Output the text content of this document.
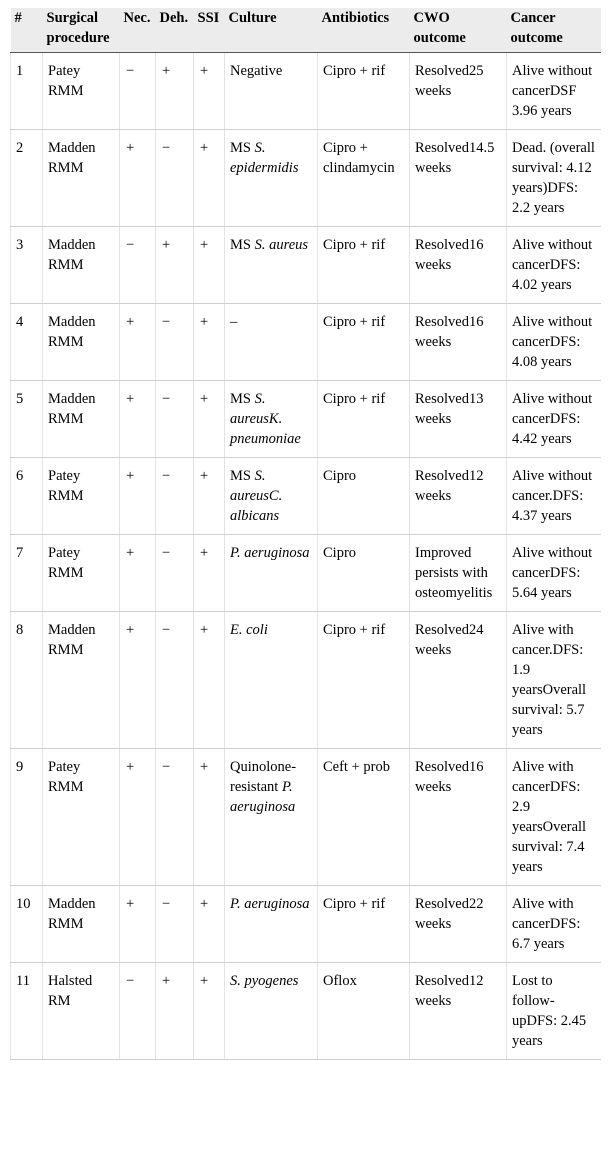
#	Surgical procedure	Nec.	Deh.	SSI	Culture	Antibiotics	CWO outcome	Cancer outcome
1	Patey RMM	−	+	+	Negative	Cipro + rif	Resolved25 weeks	Alive without cancerDSF 3.96 years
2	Madden RMM	+	−	+	MS S. epidermidis	Cipro + clindamycin	Resolved14.5 weeks	Dead. (overall survival: 4.12 years)DFS: 2.2 years
3	Madden RMM	−	+	+	MS S. aureus	Cipro + rif	Resolved16 weeks	Alive without cancerDFS: 4.02 years
4	Madden RMM	+	−	+	–	Cipro + rif	Resolved16 weeks	Alive without cancerDFS: 4.08 years
5	Madden RMM	+	−	+	MS S. aureusK. pneumoniae	Cipro + rif	Resolved13 weeks	Alive without cancerDFS: 4.42 years
6	Patey RMM	+	−	+	MS S. aureusC. albicans	Cipro	Resolved12 weeks	Alive without cancer.DFS: 4.37 years
7	Patey RMM	+	−	+	P. aeruginosa	Cipro	Improved persists with osteomyelitis	Alive without cancerDFS: 5.64 years
8	Madden RMM	+	−	+	E. coli	Cipro + rif	Resolved24 weeks	Alive with cancer.DFS: 1.9 yearsOverall survival: 5.7 years
9	Patey RMM	+	−	+	Quinolone-resistant P. aeruginosa	Ceft + prob	Resolved16 weeks	Alive with cancerDFS: 2.9 yearsOverall survival: 7.4 years
10	Madden RMM	+	−	+	P. aeruginosa	Cipro + rif	Resolved22 weeks	Alive with cancerDFS: 6.7 years
11	Halsted RM	−	+	+	S. pyogenes	Oflox	Resolved12 weeks	Lost to follow-upDFS: 2.45 years
